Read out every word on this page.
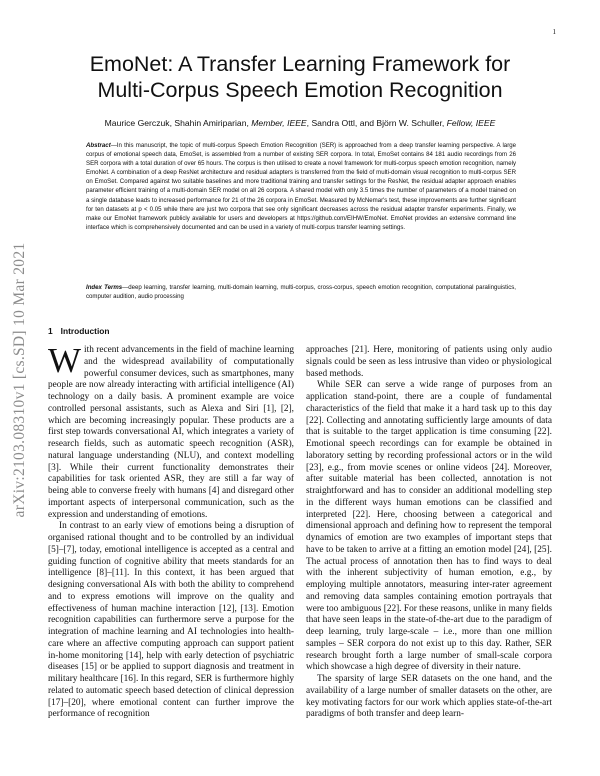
1
arXiv:2103.08310v1 [cs.SD] 10 Mar 2021
EmoNet: A Transfer Learning Framework for
Multi-Corpus Speech Emotion Recognition
Maurice Gerczuk, Shahin Amiriparian, Member, IEEE, Sandra Ottl, and Björn W. Schuller, Fellow, IEEE

Abstract—In this manuscript, the topic of multi-corpus Speech Emotion Recognition (SER) is approached from a deep transfer learning perspective. A large corpus of emotional speech data, EmoSet, is assembled from a number of existing SER corpora. In total, EmoSet contains 84 181 audio recordings from 26 SER corpora with a total duration of over 65 hours. The corpus is then utilised to create a novel framework for multi-corpus speech emotion recognition, namely EmoNet. A combination of a deep ResNet architecture and residual adapters is transferred from the field of multi-domain visual recognition to multi-corpus SER on EmoSet. Compared against two suitable baselines and more traditional training and transfer settings for the ResNet, the residual adapter approach enables parameter efficient training of a multi-domain SER model on all 26 corpora. A shared model with only 3.5 times the number of parameters of a model trained on a single database leads to increased performance for 21 of the 26 corpora in EmoSet. Measured by McNemar's test, these improvements are further significant for ten datasets at p < 0.05 while there are just two corpora that see only significant decreases across the residual adapter transfer experiments. Finally, we make our EmoNet framework publicly available for users and developers at https://github.com/EIHW/EmoNet. EmoNet provides an extensive command line interface which is comprehensively documented and can be used in a variety of multi-corpus transfer learning settings.

Index Terms—deep learning, transfer learning, multi-domain learning, multi-corpus, cross-corpus, speech emotion recognition, computational paralinguistics, computer audition, audio processing

1 Introduction

With recent advancements in the field of machine learning and the widespread availability of computationally powerful consumer devices, such as smartphones, many people are now already interacting with artificial intelligence (AI) technology on a daily basis. A prominent example are voice controlled personal assistants, such as Alexa and Siri [1], [2], which are becoming increasingly popular. These products are a first step towards conversational AI, which integrates a variety of research fields, such as automatic speech recognition (ASR), natural language understanding (NLU), and context modelling [3]. While their current functionality demonstrates their capabilities for task oriented ASR, they are still a far way of being able to converse freely with humans [4] and disregard other important aspects of interpersonal communication, such as the expression and understanding of emotions.

In contrast to an early view of emotions being a disruption of organised rational thought and to be controlled by an individual [5]–[7], today, emotional intelligence is accepted as a central and guiding function of cognitive ability that meets standards for an intelligence [8]–[11]. In this context, it has been argued that designing conversational AIs with both the ability to comprehend and to express emotions will improve on the quality and effectiveness of human machine interaction [12], [13]. Emotion recognition capabilities can furthermore serve a purpose for the integration of machine learning and AI technologies into health-care where an affective computing approach can support patient in-home monitoring [14], help with early detection of psychiatric diseases [15] or be applied to support diagnosis and treatment in military healthcare [16]. In this regard, SER is furthermore highly related to automatic speech based detection of clinical depression [17]–[20], where emotional content can further improve the performance of recognition

approaches [21]. Here, monitoring of patients using only audio signals could be seen as less intrusive than video or physiological based methods.

While SER can serve a wide range of purposes from an application stand-point, there are a couple of fundamental characteristics of the field that make it a hard task up to this day [22]. Collecting and annotating sufficiently large amounts of data that is suitable to the target application is time consuming [22]. Emotional speech recordings can for example be obtained in laboratory setting by recording professional actors or in the wild [23], e.g., from movie scenes or online videos [24]. Moreover, after suitable material has been collected, annotation is not straightforward and has to consider an additional modelling step in the different ways human emotions can be classified and interpreted [22]. Here, choosing between a categorical and dimensional approach and defining how to represent the temporal dynamics of emotion are two examples of important steps that have to be taken to arrive at a fitting an emotion model [24], [25]. The actual process of annotation then has to find ways to deal with the inherent subjectivity of human emotion, e.g., by employing multiple annotators, measuring inter-rater agreement and removing data samples containing emotion portrayals that were too ambiguous [22]. For these reasons, unlike in many fields that have seen leaps in the state-of-the-art due to the paradigm of deep learning, truly large-scale – i.e., more than one million samples – SER corpora do not exist up to this day. Rather, SER research brought forth a large number of small-scale corpora which showcase a high degree of diversity in their nature.

The sparsity of large SER datasets on the one hand, and the availability of a large number of smaller datasets on the other, are key motivating factors for our work which applies state-of-the-art paradigms of both transfer and deep learn-
